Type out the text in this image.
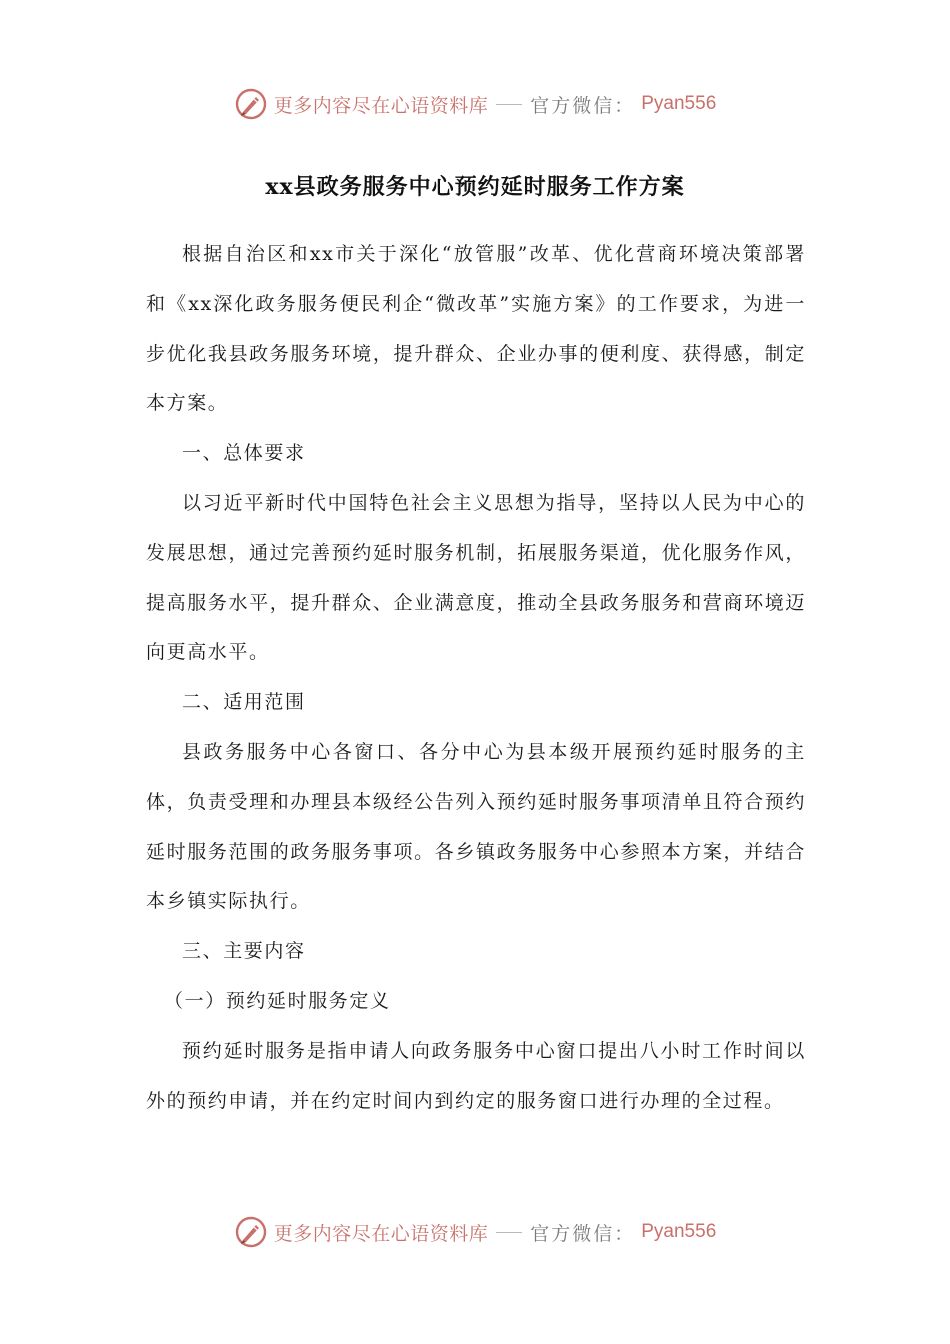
更多内容尽在心语资料库 官方微信： Pyan556
xx县政务服务中心预约延时服务工作方案

根据自治区和xx市关于深化“放管服”改革、优化营商环境决策部署和《xx深化政务服务便民利企“微改革”实施方案》的工作要求，为进一步优化我县政务服务环境，提升群众、企业办事的便利度、获得感，制定本方案。

一、总体要求

以习近平新时代中国特色社会主义思想为指导，坚持以人民为中心的发展思想，通过完善预约延时服务机制，拓展服务渠道，优化服务作风，提高服务水平，提升群众、企业满意度，推动全县政务服务和营商环境迈向更高水平。

二、适用范围

县政务服务中心各窗口、各分中心为县本级开展预约延时服务的主体，负责受理和办理县本级经公告列入预约延时服务事项清单且符合预约延时服务范围的政务服务事项。各乡镇政务服务中心参照本方案，并结合本乡镇实际执行。

三、主要内容

（一）预约延时服务定义

预约延时服务是指申请人向政务服务中心窗口提出八小时工作时间以外的预约申请，并在约定时间内到约定的服务窗口进行办理的全过程。

更多内容尽在心语资料库 官方微信： Pyan556
